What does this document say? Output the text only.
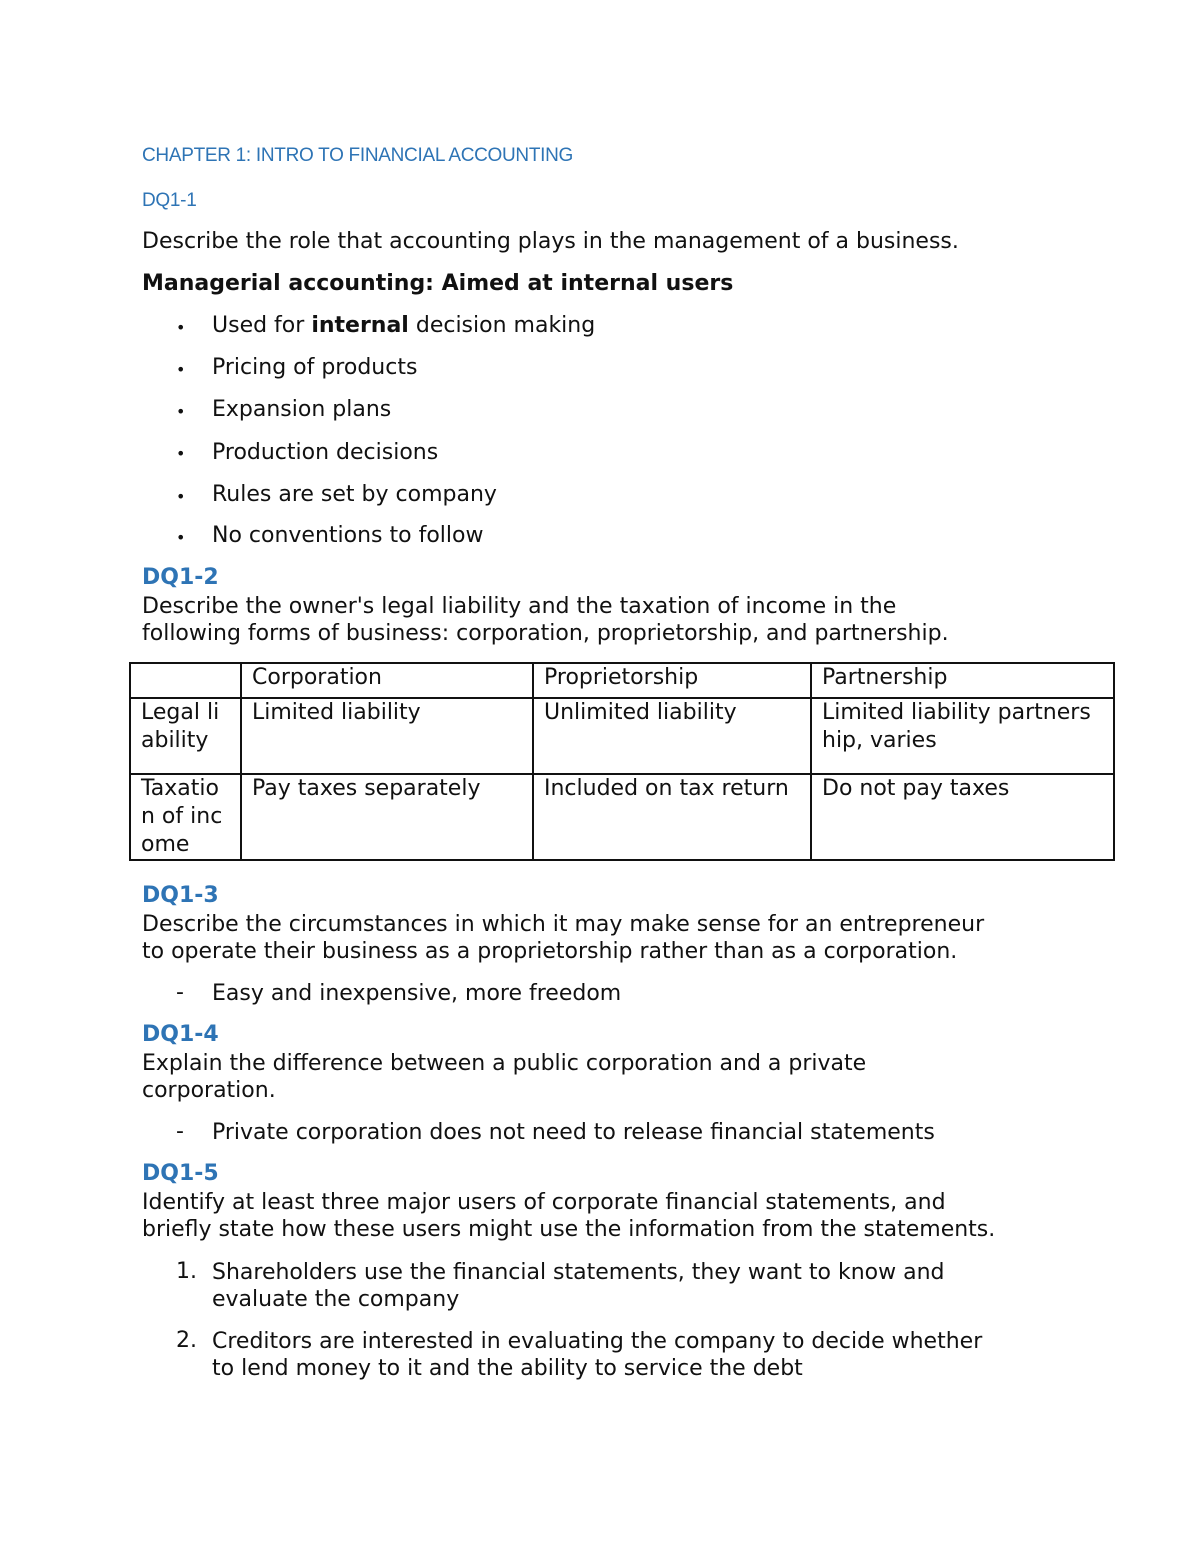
CHAPTER 1: INTRO TO FINANCIAL ACCOUNTING
DQ1-1
Describe the role that accounting plays in the management of a business.
Managerial accounting: Aimed at internal users
• Used for internal decision making
• Pricing of products
• Expansion plans
• Production decisions
• Rules are set by company
• No conventions to follow
DQ1-2
Describe the owner's legal liability and the taxation of income in the
following forms of business: corporation, proprietorship, and partnership.
	Corporation	Proprietorship	Partnership
Legal liability	Limited liability	Unlimited liability	Limited liability partnership, varies
Taxation of income	Pay taxes separately	Included on tax return	Do not pay taxes
DQ1-3
Describe the circumstances in which it may make sense for an entrepreneur
to operate their business as a proprietorship rather than as a corporation.
- Easy and inexpensive, more freedom
DQ1-4
Explain the difference between a public corporation and a private
corporation.
- Private corporation does not need to release financial statements
DQ1-5
Identify at least three major users of corporate financial statements, and
briefly state how these users might use the information from the statements.
1. Shareholders use the financial statements, they want to know and
evaluate the company
2. Creditors are interested in evaluating the company to decide whether
to lend money to it and the ability to service the debt
